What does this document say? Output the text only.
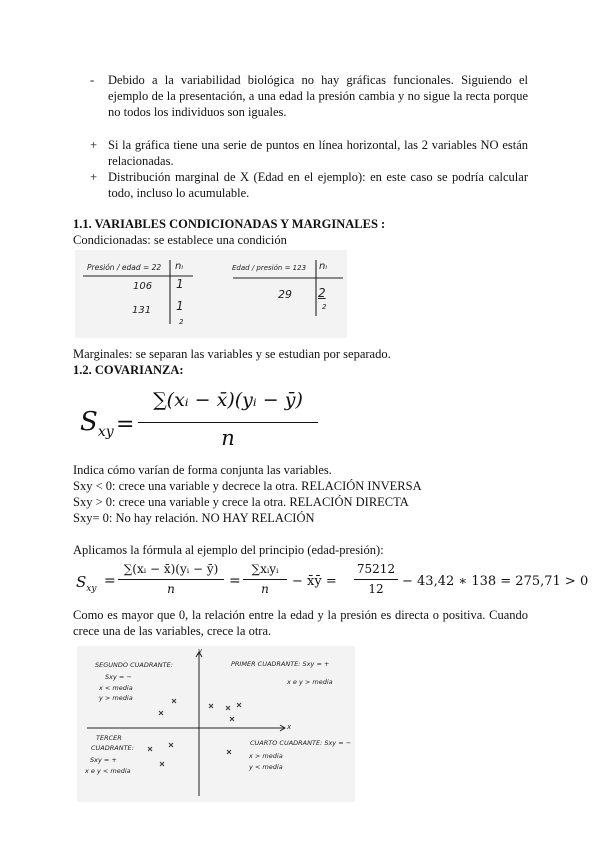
- Debido a la variabilidad biológica no hay gráficas funcionales. Siguiendo el ejemplo de la presentación, a una edad la presión cambia y no sigue la recta porque no todos los individuos son iguales.
+ Si la gráfica tiene una serie de puntos en línea horizontal, las 2 variables NO están relacionadas.
+ Distribución marginal de X (Edad en el ejemplo): en este caso se podría calcular todo, incluso lo acumulable.
1.1. VARIABLES CONDICIONADAS Y MARGINALES :
Condicionadas: se establece una condición
Presión / edad = 22 nᵢ
106 1
131 1
2
Edad / presión = 123 nᵢ
29 2
2
Marginales: se separan las variables y se estudian por separado.
1.2. COVARIANZA:
$S_{xy}$ =
∑(xᵢ − x̄)(yᵢ − ȳ)
n
Indica cómo varían de forma conjunta las variables.
Sxy < 0: crece una variable y decrece la otra. RELACIÓN INVERSA
Sxy > 0: crece una variable y crece la otra. RELACIÓN DIRECTA
Sxy= 0: No hay relación. NO HAY RELACIÓN
Aplicamos la fórmula al ejemplo del principio (edad-presión):
$S_{xy}$ =
∑(xᵢ − x̄)(yᵢ − ȳ)
n	=
∑xᵢyᵢ
n	− x̄ȳ =
75212
12	− 43,42 ∗ 138 = 275,71 > 0
Como es mayor que 0, la relación entre la edad y la presión es directa o positiva. Cuando crece una de las variables, crece la otra.
y
x
SEGUNDO CUADRANTE:
Sxy = −
x < media
y > media
PRIMER CUADRANTE: Sxy = +
x e y > media
TERCER
CUADRANTE:
Sxy = +
x e y < media
CUARTO CUADRANTE: Sxy = −
x > media
y < media
